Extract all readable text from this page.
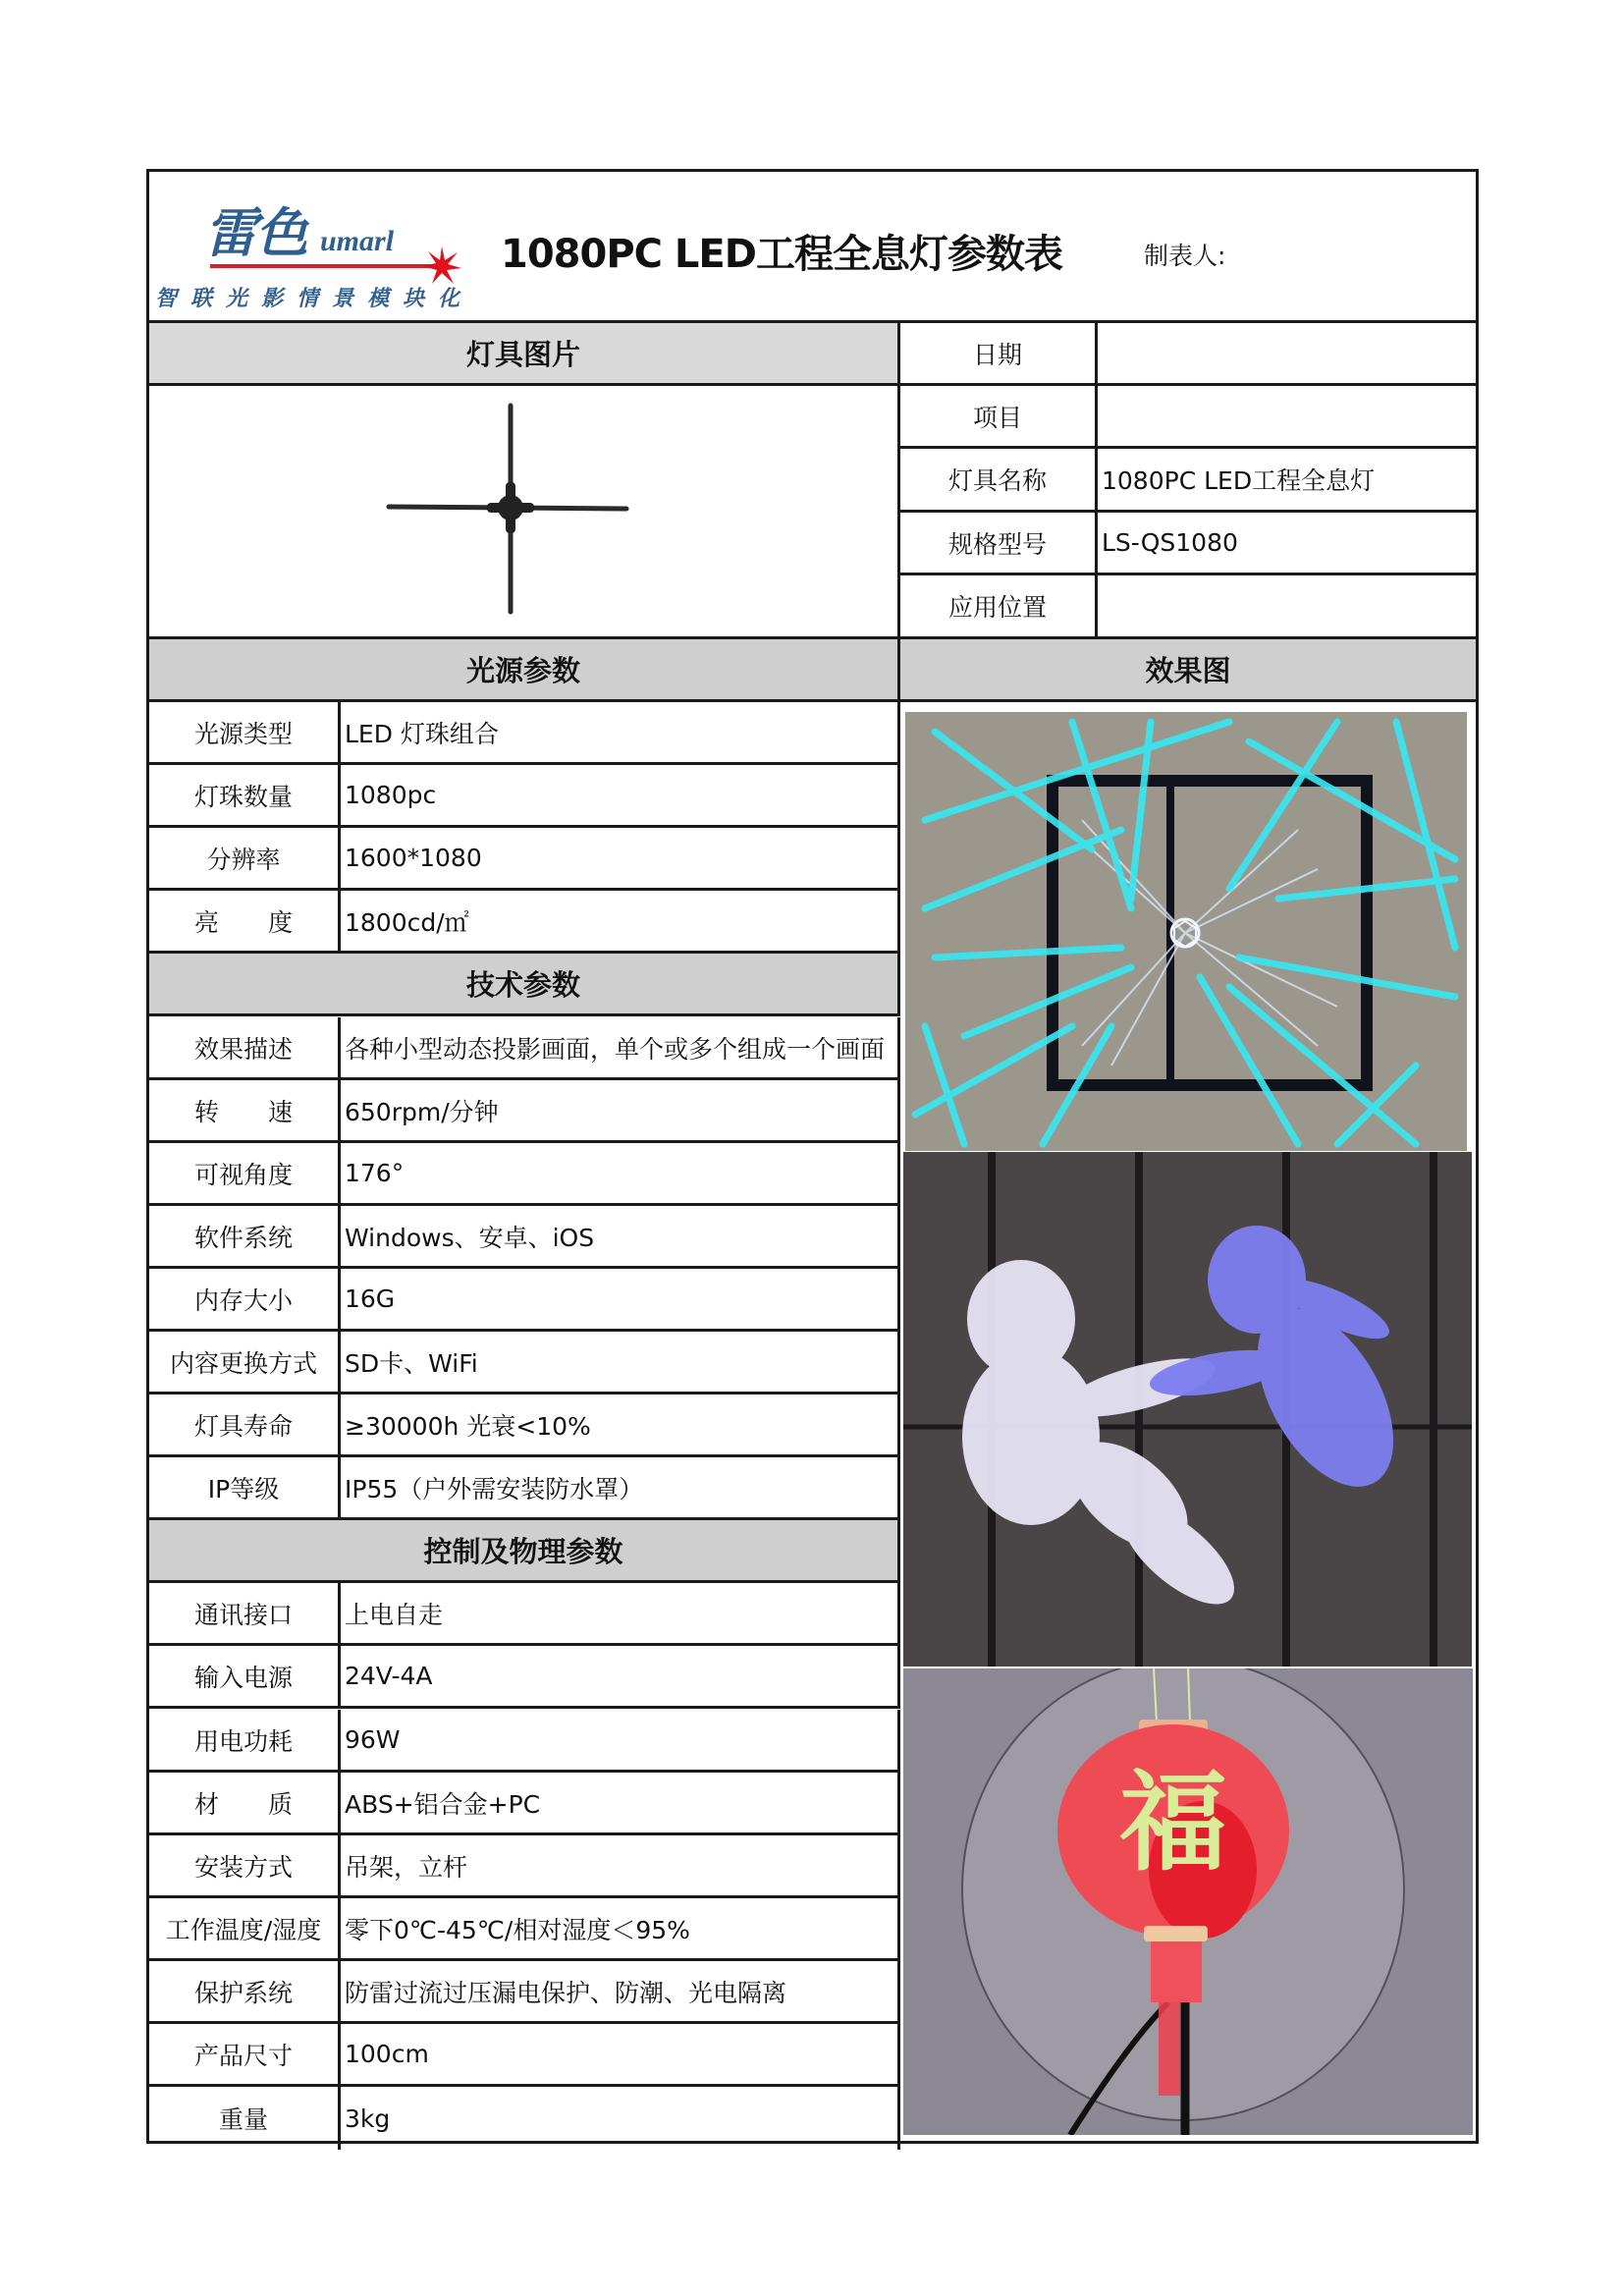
雷色 umarl
智联光影情景模块化
1080PC LED工程全息灯参数表	制表人:
灯具图片	日期
项目
灯具名称 1080PC LED工程全息灯
规格型号 LS-QS1080
应用位置
光源参数	效果图
光源类型 LED 灯珠组合
灯珠数量 1080pc
分辨率	1600*1080
亮　　度 1800cd/㎡
技术参数
效果描述 各种小型动态投影画面，单个或多个组成一个画面
转　　速 650rpm/分钟
可视角度 176°
软件系统 Windows、安卓、iOS
内存大小 16G
内容更换方式 SD卡、WiFi
灯具寿命 ≥30000h 光衰<10%
IP等级	IP55（户外需安装防水罩）
控制及物理参数
通讯接口 上电自走
输入电源 24V-4A
用电功耗 96W
材　　质 ABS+铝合金+PC
安装方式 吊架，立杆
工作温度/湿度 零下0℃-45℃/相对湿度＜95%
保护系统 防雷过流过压漏电保护、防潮、光电隔离
产品尺寸 100cm
重量	3kg
福
